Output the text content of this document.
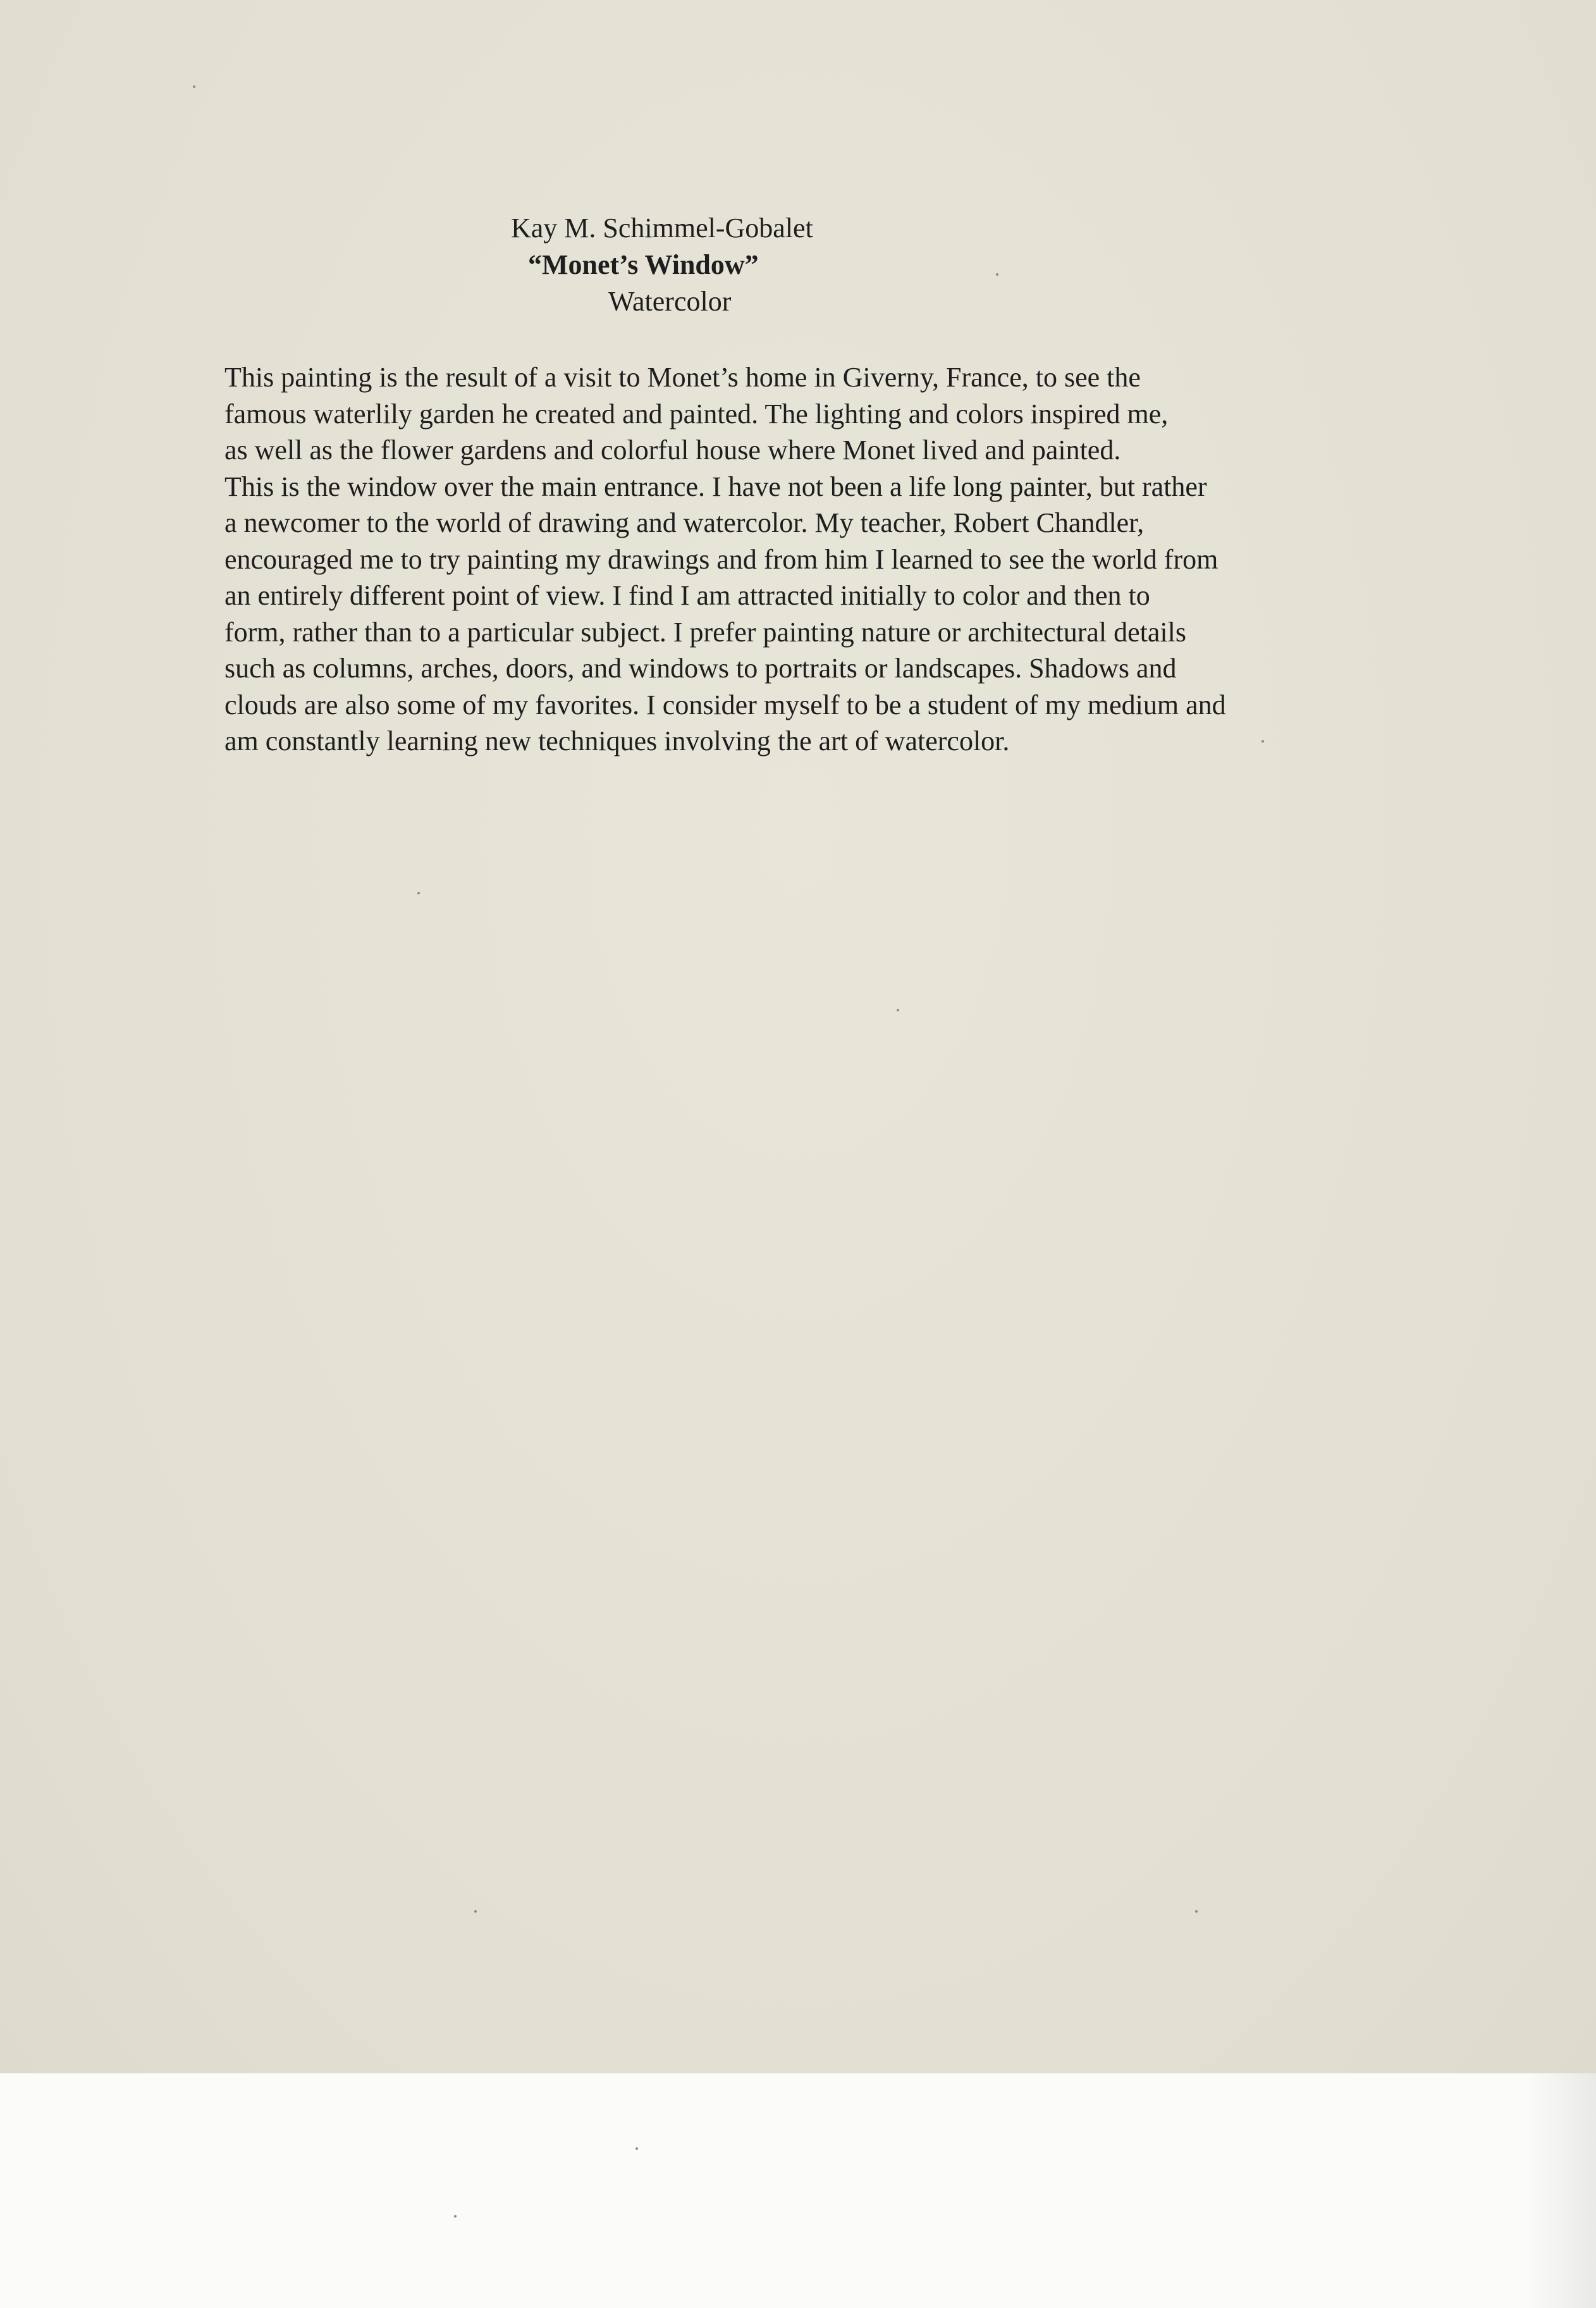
Kay M. Schimmel-Gobalet
“Monet’s Window”
Watercolor
This painting is the result of a visit to Monet’s home in Giverny, France, to see the
famous waterlily garden he created and painted. The lighting and colors inspired me,
as well as the flower gardens and colorful house where Monet lived and painted.
This is the window over the main entrance. I have not been a life long painter, but rather
a newcomer to the world of drawing and watercolor. My teacher, Robert Chandler,
encouraged me to try painting my drawings and from him I learned to see the world from
an entirely different point of view. I find I am attracted initially to color and then to
form, rather than to a particular subject. I prefer painting nature or architectural details
such as columns, arches, doors, and windows to portraits or landscapes. Shadows and
clouds are also some of my favorites. I consider myself to be a student of my medium and
am constantly learning new techniques involving the art of watercolor.
